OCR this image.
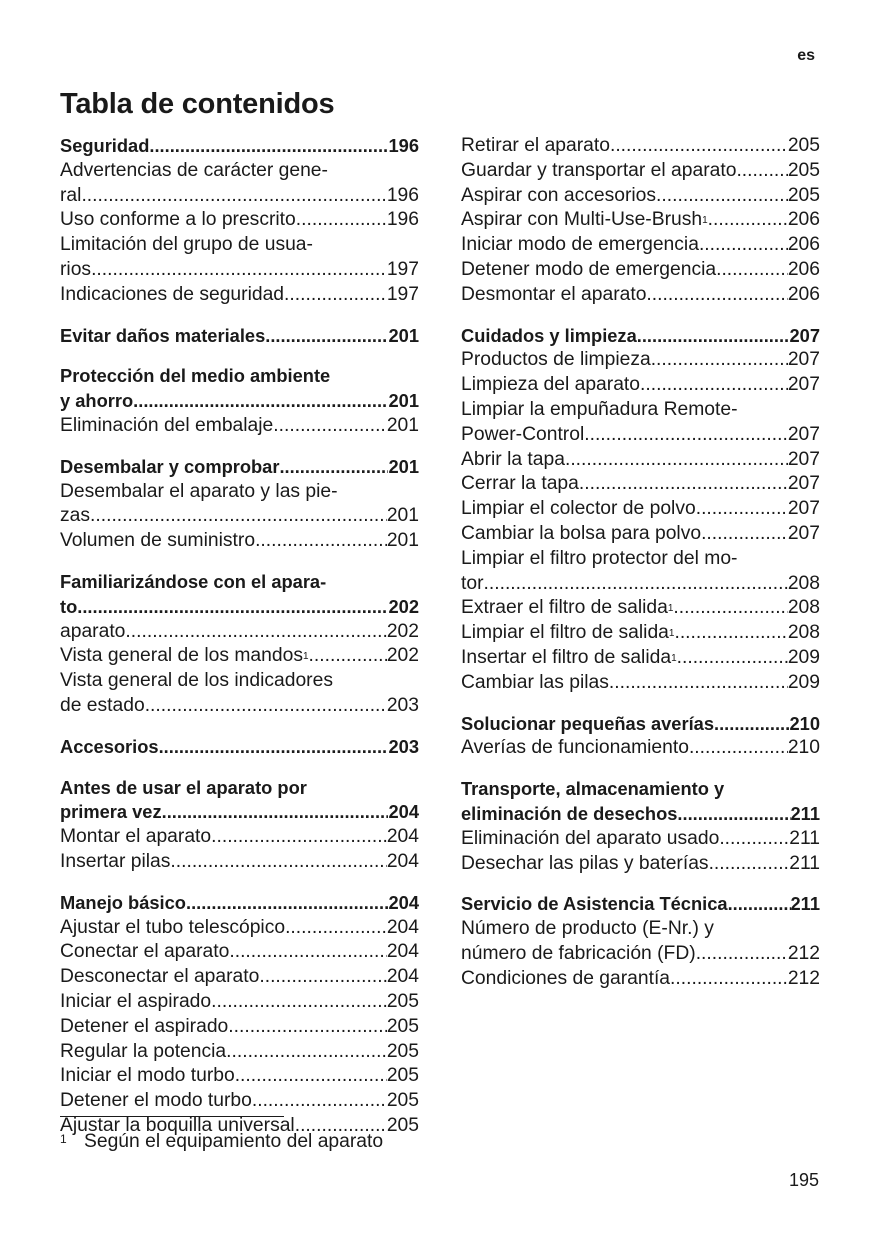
es
Tabla de contenidos
Seguridad .....	196
Advertencias de carácter gene-
ral .....	196
Uso conforme a lo prescrito .....	196
Limitación del grupo de usua-
rios .....	197
Indicaciones de seguridad .....	197
Evitar daños materiales .....	201
Protección del medio ambiente
y ahorro .....	201
Eliminación del embalaje .....	201
Desembalar y comprobar .....	201
Desembalar el aparato y las pie-
zas .....	201
Volumen de suministro .....	201
Familiarizándose con el apara-
to .....	202
aparato .....	202
Vista general de los mandos$^1$ .....	202
Vista general de los indicadores
de estado .....	203
Accesorios .....	203
Antes de usar el aparato por
primera vez .....	204
Montar el aparato .....	204
Insertar pilas .....	204
Manejo básico .....	204
Ajustar el tubo telescópico .....	204
Conectar el aparato .....	204
Desconectar el aparato .....	204
Iniciar el aspirado .....	205
Detener el aspirado .....	205
Regular la potencia .....	205
Iniciar el modo turbo .....	205
Detener el modo turbo .....	205
Ajustar la boquilla universal .....	205
Retirar el aparato .....	205
Guardar y transportar el aparato .....	205
Aspirar con accesorios .....	205
Aspirar con Multi-Use-Brush$^1$ .....	206
Iniciar modo de emergencia .....	206
Detener modo de emergencia .....	206
Desmontar el aparato .....	206
Cuidados y limpieza .....	207
Productos de limpieza .....	207
Limpieza del aparato .....	207
Limpiar la empuñadura Remote-
Power-Control .....	207
Abrir la tapa .....	207
Cerrar la tapa .....	207
Limpiar el colector de polvo .....	207
Cambiar la bolsa para polvo .....	207
Limpiar el filtro protector del mo-
tor .....	208
Extraer el filtro de salida$^1$ .....	208
Limpiar el filtro de salida$^1$ .....	208
Insertar el filtro de salida$^1$ .....	209
Cambiar las pilas .....	209
Solucionar pequeñas averías .....	210
Averías de funcionamiento .....	210
Transporte, almacenamiento y
eliminación de desechos .....	211
Eliminación del aparato usado .....	211
Desechar las pilas y baterías .....	211
Servicio de Asistencia Técnica .....	211
Número de producto (E-Nr.) y
número de fabricación (FD) .....	212
Condiciones de garantía .....	212
1 Según el equipamiento del aparato
195
